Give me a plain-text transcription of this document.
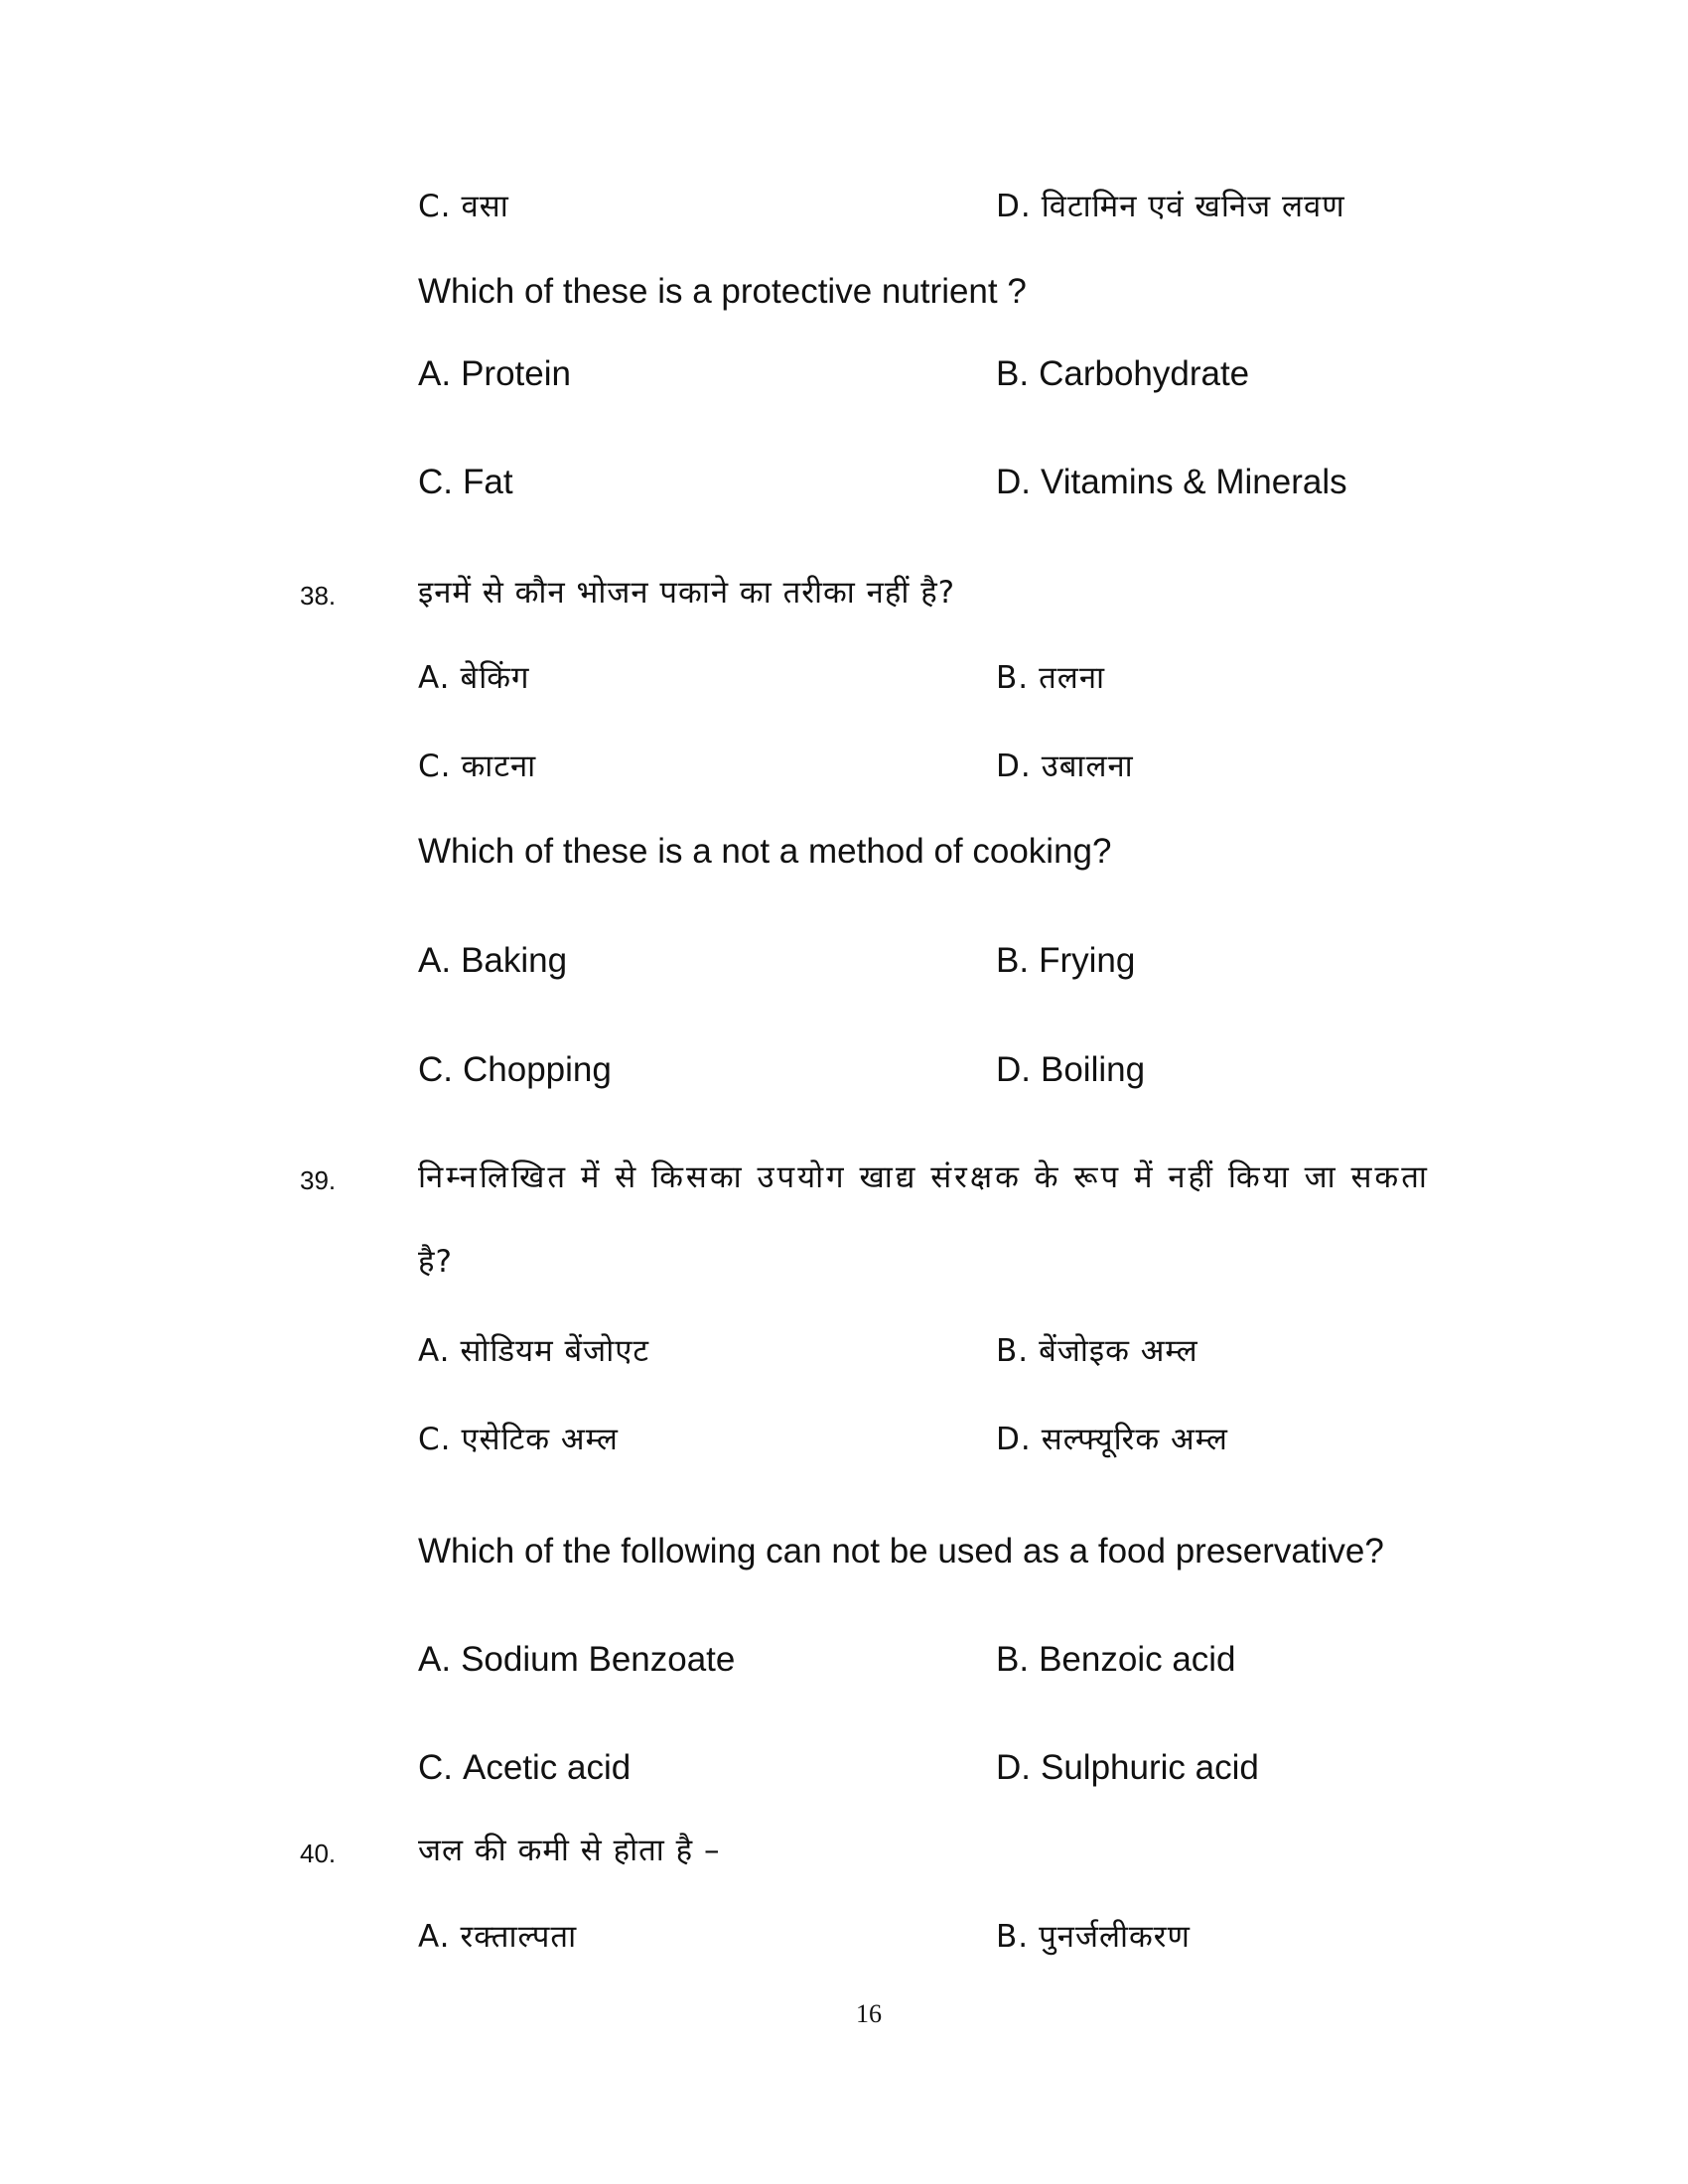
C. वसा	D. विटामिन एवं खनिज लवण
Which of these is a protective nutrient ?
A. Protein	B. Carbohydrate
C. Fat	D. Vitamins & Minerals
38.	इनमें से कौन भोजन पकाने का तरीका नहीं है?
A. बेकिंग	B. तलना
C. काटना	D. उबालना
Which of these is a not a method of cooking?
A. Baking	B. Frying
C. Chopping	D. Boiling
39.	निम्नलिखित में से किसका उपयोग खाद्य संरक्षक के रूप में नहीं किया जा सकता
है?
A. सोडियम बेंजोएट	B. बेंजोइक अम्ल
C. एसेटिक अम्ल	D. सल्फ्यूरिक अम्ल
Which of the following can not be used as a food preservative?
A. Sodium Benzoate	B. Benzoic acid
C. Acetic acid	D. Sulphuric acid
40.	जल की कमी से होता है –
A. रक्ताल्पता	B. पुनर्जलीकरण
16
